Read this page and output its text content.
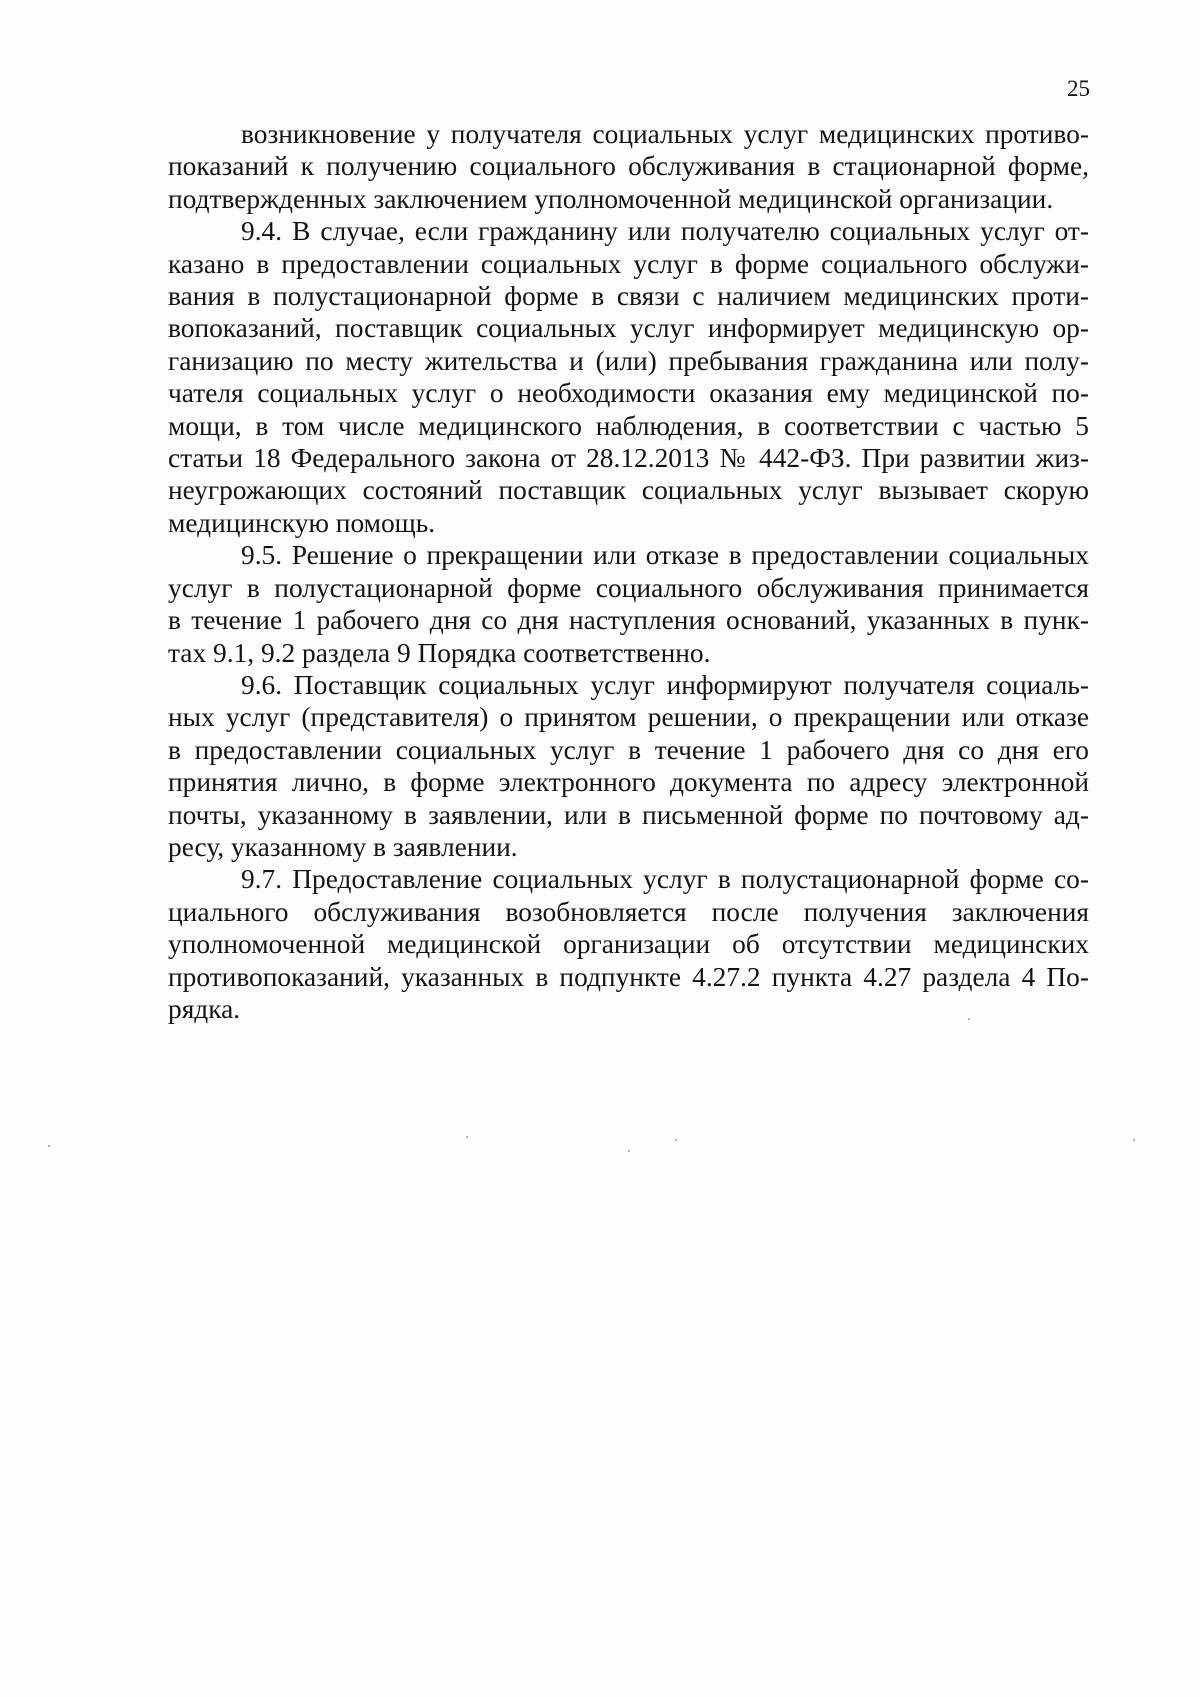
25
возникновение у получателя социальных услуг медицинских противо-
показаний к получению социального обслуживания в стационарной форме,
подтвержденных заключением уполномоченной медицинской организации.
9.4. В случае, если гражданину или получателю социальных услуг от-
казано в предоставлении социальных услуг в форме социального обслужи-
вания в полустационарной форме в связи с наличием медицинских проти-
вопоказаний, поставщик социальных услуг информирует медицинскую ор-
ганизацию по месту жительства и (или) пребывания гражданина или полу-
чателя социальных услуг о необходимости оказания ему медицинской по-
мощи, в том числе медицинского наблюдения, в соответствии с частью 5
статьи 18 Федерального закона от 28.12.2013 № 442-ФЗ. При развитии жиз-
неугрожающих состояний поставщик социальных услуг вызывает скорую
медицинскую помощь.
9.5. Решение о прекращении или отказе в предоставлении социальных
услуг в полустационарной форме социального обслуживания принимается
в течение 1 рабочего дня со дня наступления оснований, указанных в пунк-
тах 9.1, 9.2 раздела 9 Порядка соответственно.
9.6. Поставщик социальных услуг информируют получателя социаль-
ных услуг (представителя) о принятом решении, о прекращении или отказе
в предоставлении социальных услуг в течение 1 рабочего дня со дня его
принятия лично, в форме электронного документа по адресу электронной
почты, указанному в заявлении, или в письменной форме по почтовому ад-
ресу, указанному в заявлении.
9.7. Предоставление социальных услуг в полустационарной форме со-
циального обслуживания возобновляется после получения заключения
уполномоченной медицинской организации об отсутствии медицинских
противопоказаний, указанных в подпункте 4.27.2 пункта 4.27 раздела 4 По-
рядка.
